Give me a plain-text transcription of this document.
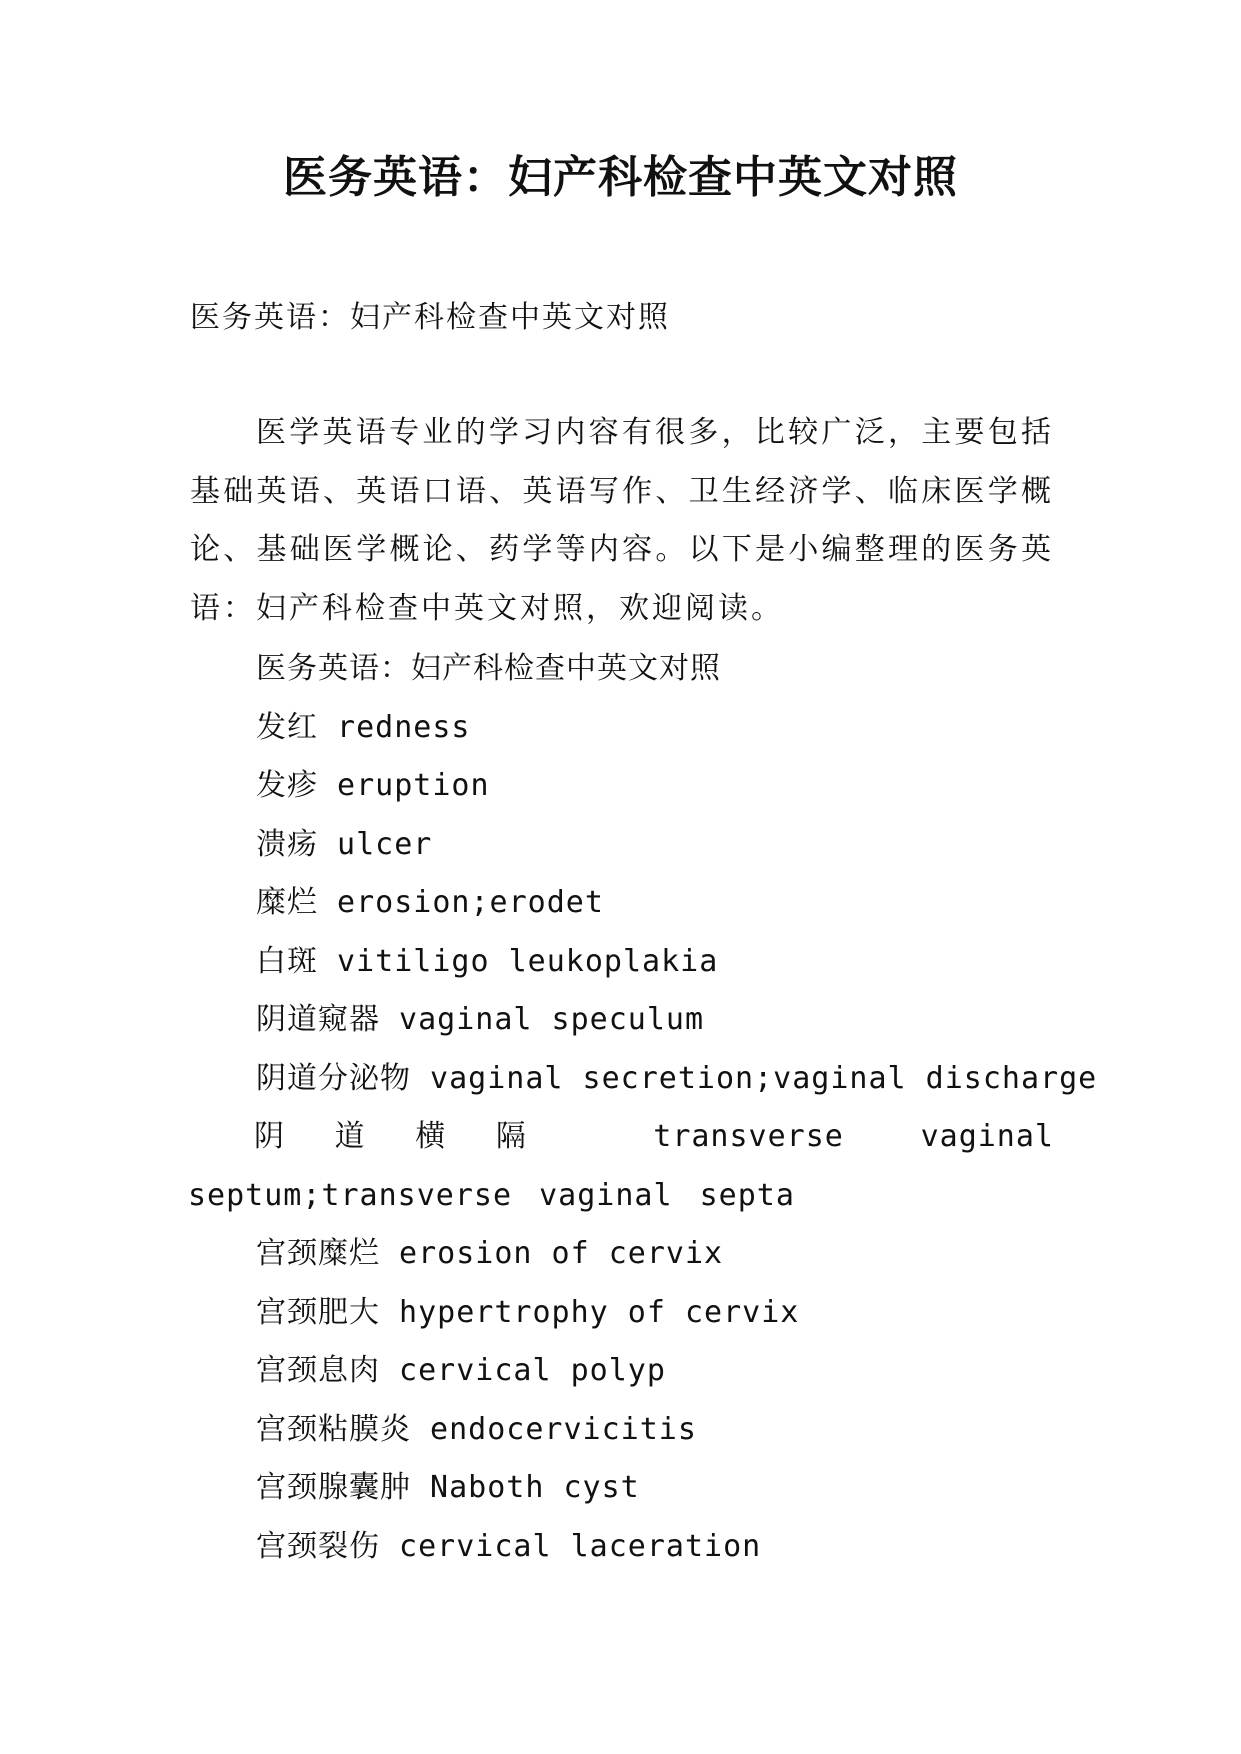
医务英语：妇产科检查中英文对照

医务英语：妇产科检查中英文对照

医学英语专业的学习内容有很多，比较广泛，主要包括基础英语、英语口语、英语写作、卫生经济学、临床医学概论、基础医学概论、药学等内容。以下是小编整理的医务英语：妇产科检查中英文对照，欢迎阅读。

医务英语：妇产科检查中英文对照
发红 redness
发疹 eruption
溃疡 ulcer
糜烂 erosion;erodet
白斑 vitiligo leukoplakia
阴道窥器 vaginal speculum
阴道分泌物 vaginal secretion;vaginal discharge
阴道横隔 transverse vaginal septum;transverse vaginal septa
宫颈糜烂 erosion of cervix
宫颈肥大 hypertrophy of cervix
宫颈息肉 cervical polyp
宫颈粘膜炎 endocervicitis
宫颈腺囊肿 Naboth cyst
宫颈裂伤 cervical laceration
